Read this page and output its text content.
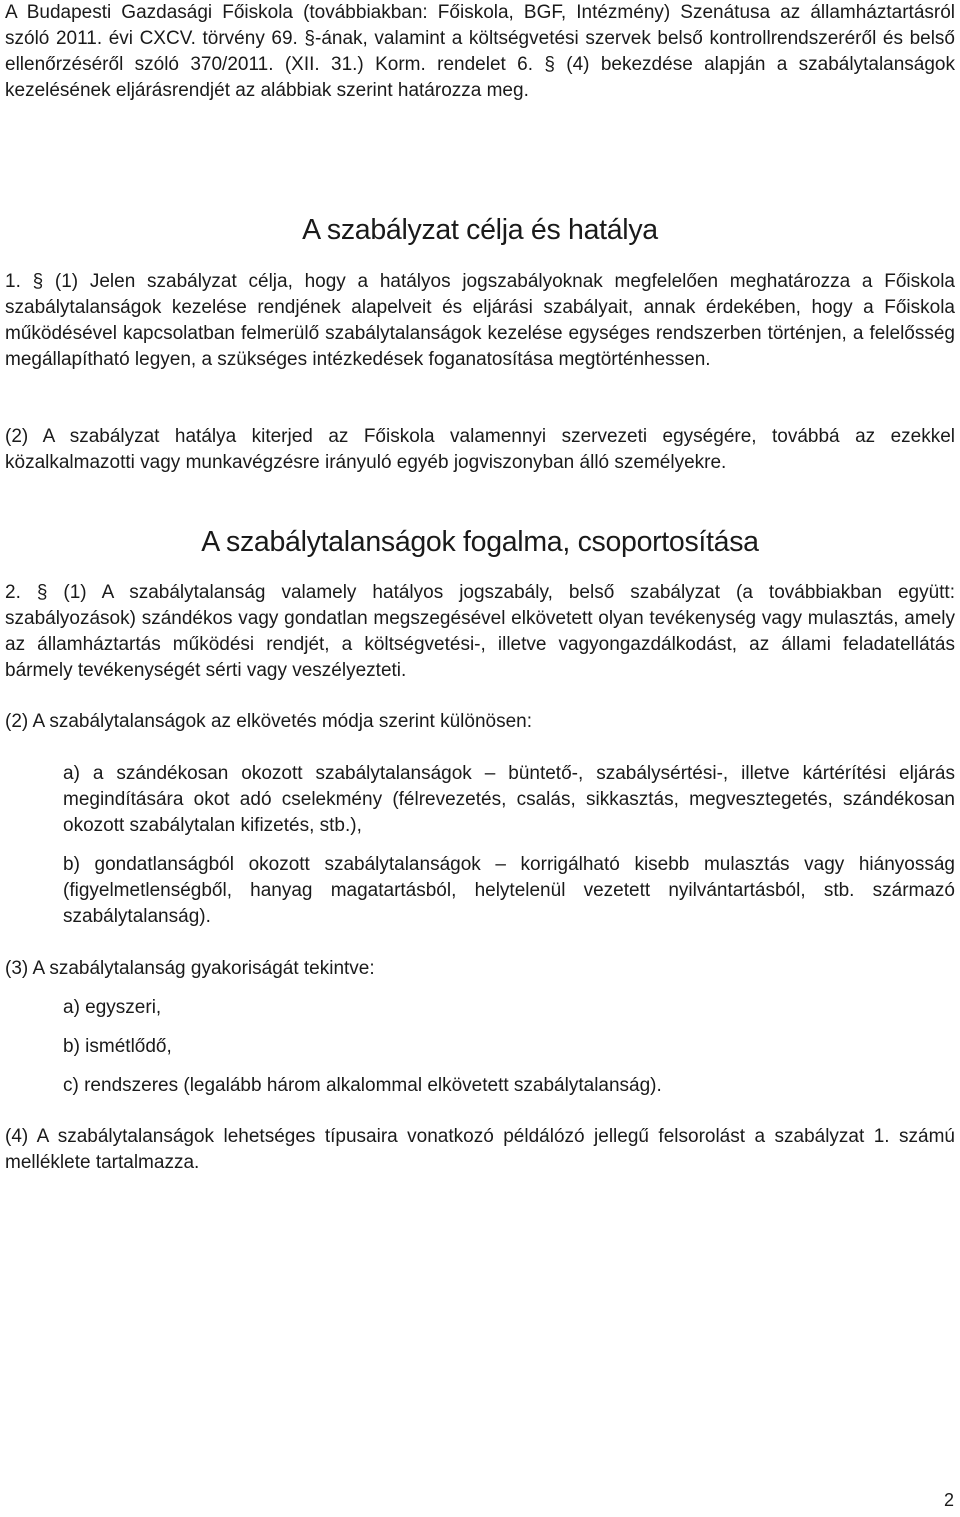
A Budapesti Gazdasági Főiskola (továbbiakban: Főiskola, BGF, Intézmény) Szenátusa az államháztartásról szóló 2011. évi CXCV. törvény 69. §-ának, valamint a költségvetési szervek belső kontrollrendszeréről és belső ellenőrzéséről szóló 370/2011. (XII. 31.) Korm. rendelet 6. § (4) bekezdése alapján a szabálytalanságok kezelésének eljárásrendjét az alábbiak szerint határozza meg.

A szabályzat célja és hatálya

1. § (1) Jelen szabályzat célja, hogy a hatályos jogszabályoknak megfelelően meghatározza a Főiskola szabálytalanságok kezelése rendjének alapelveit és eljárási szabályait, annak érdekében, hogy a Főiskola működésével kapcsolatban felmerülő szabálytalanságok kezelése egységes rendszerben történjen, a felelősség megállapítható legyen, a szükséges intézkedések foganatosítása megtörténhessen.

(2) A szabályzat hatálya kiterjed az Főiskola valamennyi szervezeti egységére, továbbá az ezekkel közalkalmazotti vagy munkavégzésre irányuló egyéb jogviszonyban álló személyekre.

A szabálytalanságok fogalma, csoportosítása

2. § (1) A szabálytalanság valamely hatályos jogszabály, belső szabályzat (a továbbiakban együtt: szabályozások) szándékos vagy gondatlan megszegésével elkövetett olyan tevékenység vagy mulasztás, amely az államháztartás működési rendjét, a költségvetési-, illetve vagyongazdálkodást, az állami feladatellátás bármely tevékenységét sérti vagy veszélyezteti.

(2) A szabálytalanságok az elkövetés módja szerint különösen:

a) a szándékosan okozott szabálytalanságok – büntető-, szabálysértési-, illetve kártérítési eljárás megindítására okot adó cselekmény (félrevezetés, csalás, sikkasztás, megvesztegetés, szándékosan okozott szabálytalan kifizetés, stb.),

b) gondatlanságból okozott szabálytalanságok – korrigálható kisebb mulasztás vagy hiányosság (figyelmetlenségből, hanyag magatartásból, helytelenül vezetett nyilvántartásból, stb. származó szabálytalanság).

(3) A szabálytalanság gyakoriságát tekintve:

a) egyszeri,

b) ismétlődő,

c) rendszeres (legalább három alkalommal elkövetett szabálytalanság).

(4) A szabálytalanságok lehetséges típusaira vonatkozó példálózó jellegű felsorolást a szabályzat 1. számú melléklete tartalmazza.

2
